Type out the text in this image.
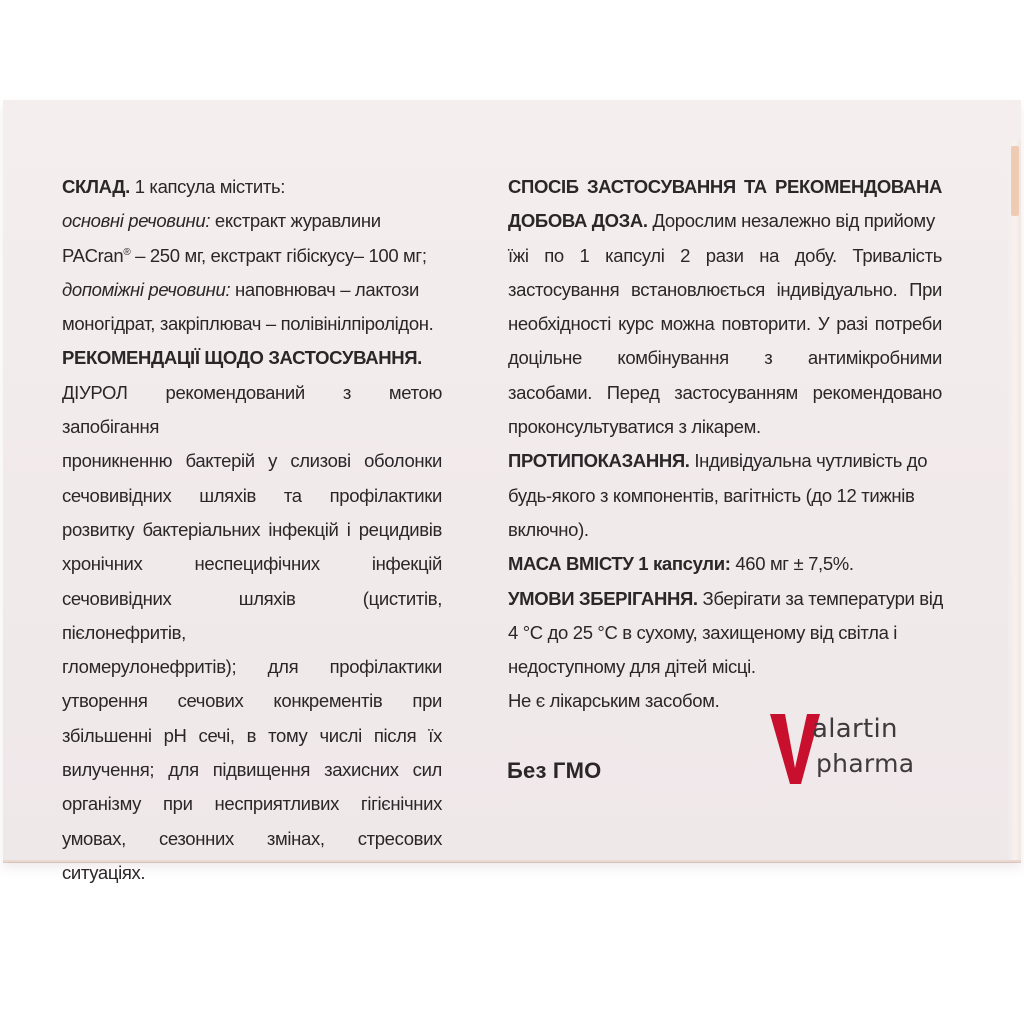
СКЛАД. 1 капсула містить:
основні речовини: екстракт журавлини
PACran® – 250 мг, екстракт гібіскусу– 100 мг;
допоміжні речовини: наповнювач – лактози
моногідрат, закріплювач – полівінілпіролідон.
РЕКОМЕНДАЦІЇ ЩОДО ЗАСТОСУВАННЯ.
ДІУРОЛ рекомендований з метою запобігання
проникненню бактерій у слизові оболонки
сечовивідних шляхів та профілактики
розвитку бактеріальних інфекцій і рецидивів
хронічних неспецифічних інфекцій
сечовивідних шляхів (циститів, пієлонефритів,
гломерулонефритів); для профілактики
утворення сечових конкрементів при
збільшенні рН сечі, в тому числі після їх
вилучення; для підвищення захисних сил
організму при несприятливих гігієнічних
умовах, сезонних змінах, стресових ситуаціях.
СПОСІБ ЗАСТОСУВАННЯ ТА РЕКОМЕНДОВАНА
ДОБОВА ДОЗА. Дорослим незалежно від прийому
їжі по 1 капсулі 2 рази на добу. Тривалість
застосування встановлюється індивідуально. При
необхідності курс можна повторити. У разі потреби
доцільне комбінування з антимікробними
засобами. Перед застосуванням рекомендовано
проконсультуватися з лікарем.
ПРОТИПОКАЗАННЯ. Індивідуальна чутливість до
будь-якого з компонентів, вагітність (до 12 тижнів
включно).
МАСА ВМІСТУ 1 капсули: 460 мг ± 7,5%.
УМОВИ ЗБЕРІГАННЯ. Зберігати за температури від
4 °С до 25 °С в сухому, захищеному від світла і
недоступному для дітей місці.
Не є лікарським засобом.
Без ГМО
alartin
pharma
